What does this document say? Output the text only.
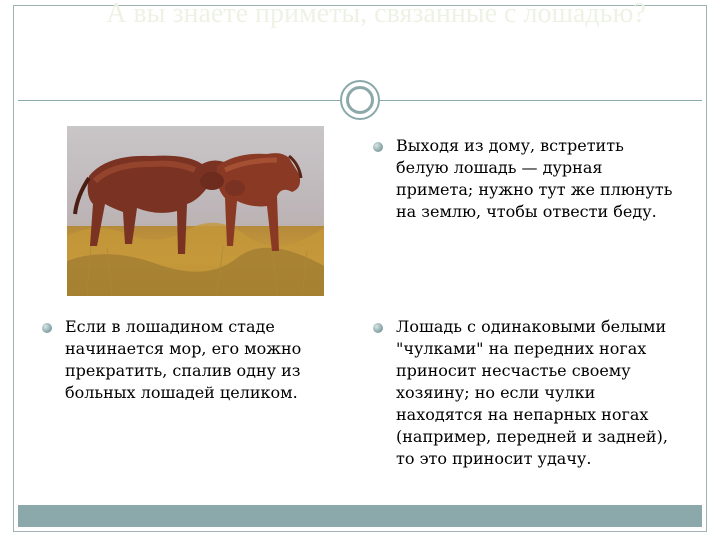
А вы знаете приметы, связанные с лошадью?
Выходя из дому, встретить белую лошадь — дурная примета; нужно тут же плюнуть на землю, чтобы отвести беду.
Если в лошадином стаде начинается мор, его можно прекратить, спалив одну из больных лошадей целиком.
Лошадь с одинаковыми белыми "чулками" на передних ногах приносит несчастье своему хозяину; но если чулки находятся на непарных ногах (например, передней и задней), то это приносит удачу.
